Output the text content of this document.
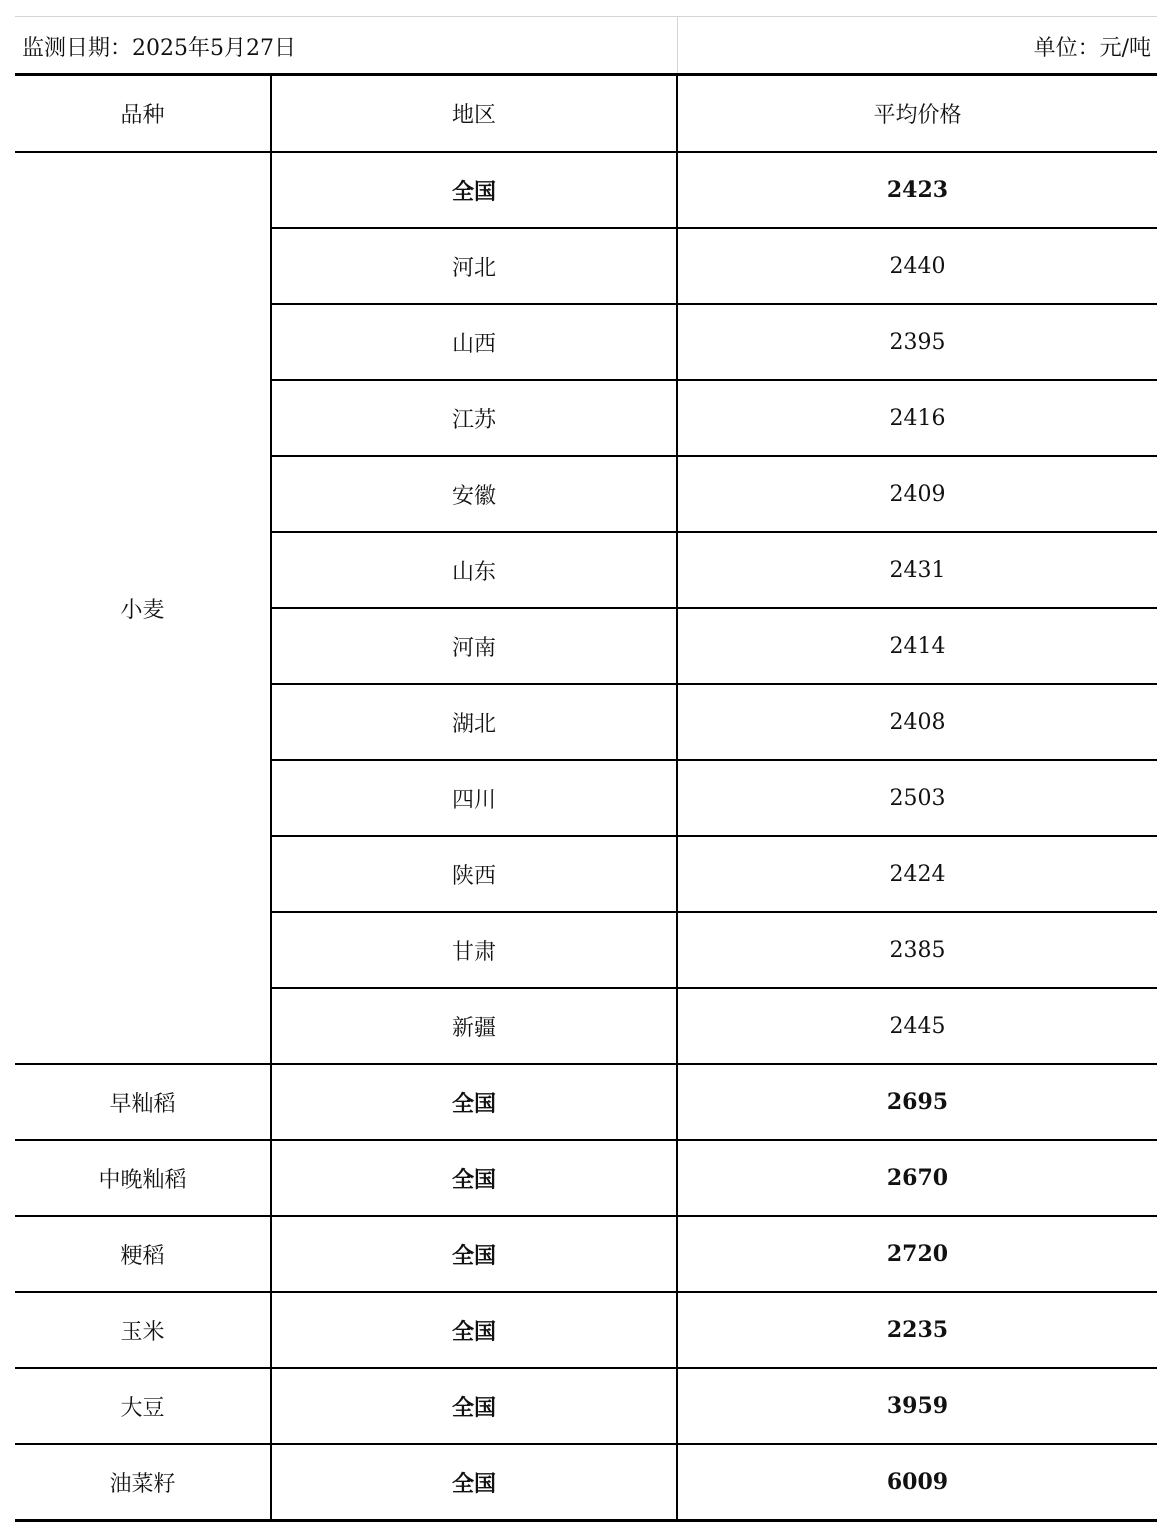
监测日期：2025年5月27日	单位：元/吨
品种	地区	平均价格
小麦	全国	2423
	河北	2440
	山西	2395
	江苏	2416
	安徽	2409
	山东	2431
	河南	2414
	湖北	2408
	四川	2503
	陕西	2424
	甘肃	2385
	新疆	2445
早籼稻	全国	2695
中晚籼稻	全国	2670
粳稻	全国	2720
玉米	全国	2235
大豆	全国	3959
油菜籽	全国	6009
